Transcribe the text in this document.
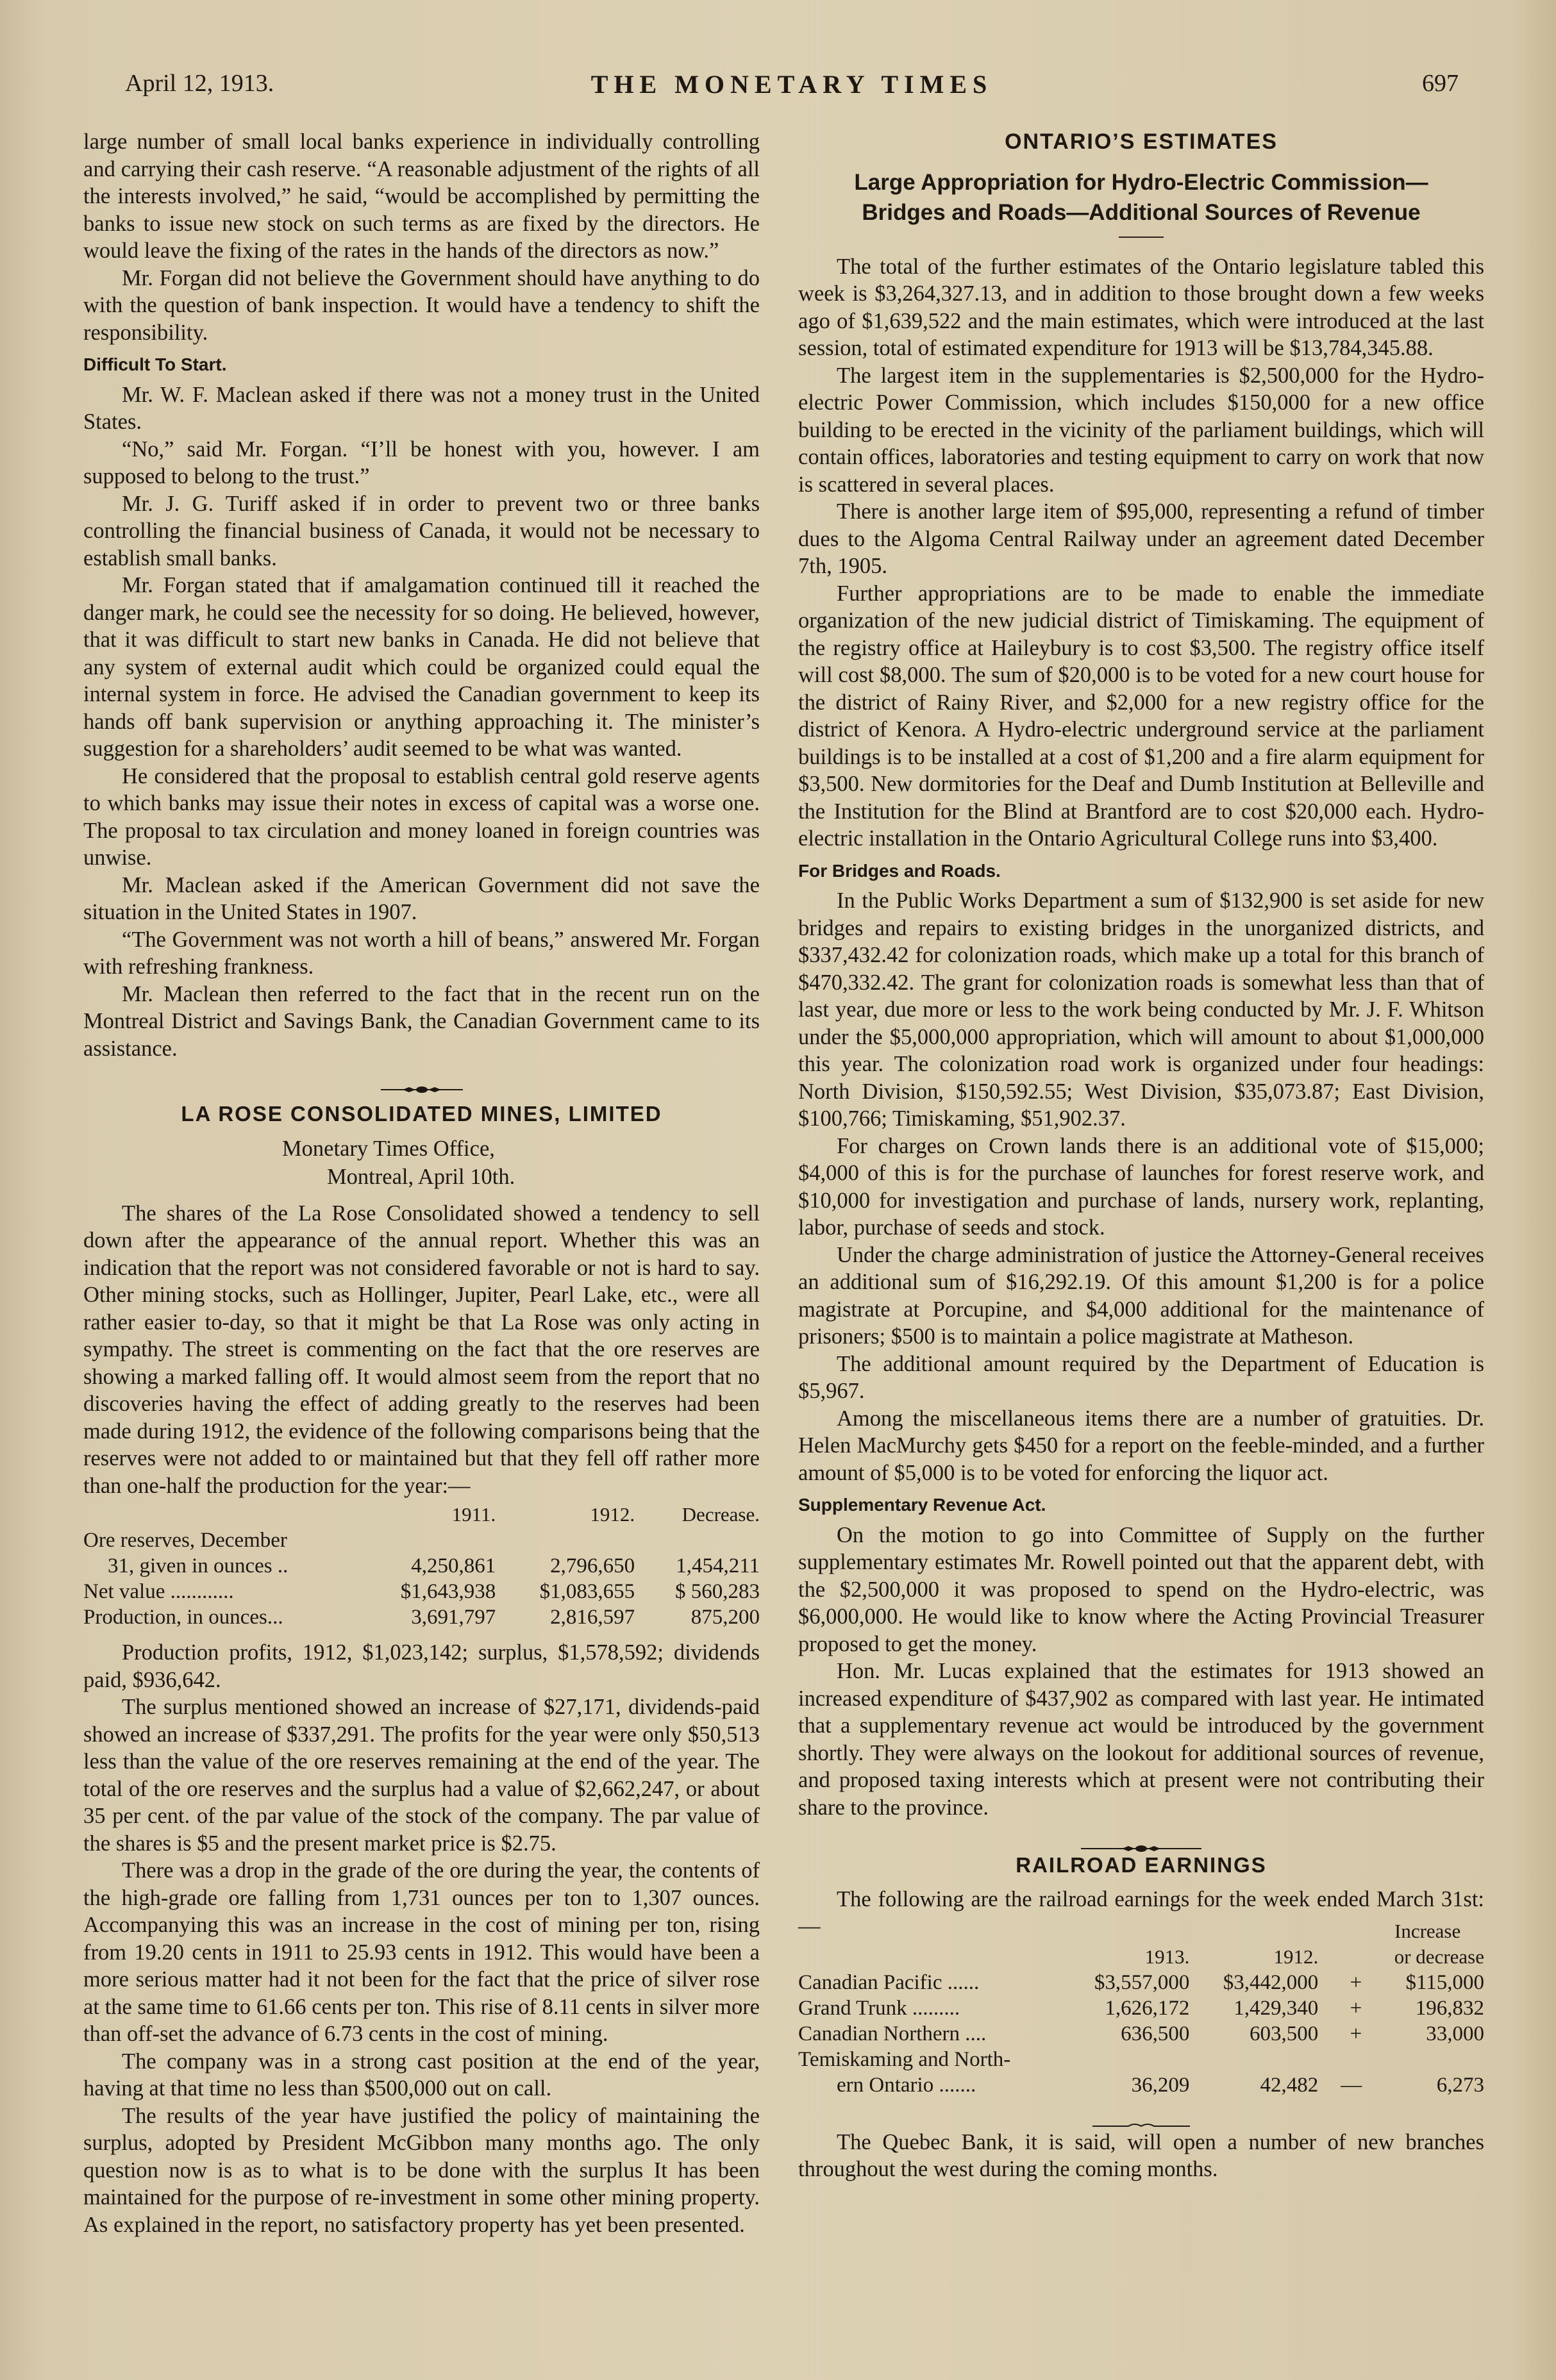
April 12, 1913.	THE MONETARY TIMES	697

large number of small local banks experience in individually controlling and carrying their cash reserve. “A reasonable adjustment of the rights of all the interests involved,” he said, “would be accomplished by permitting the banks to issue new stock on such terms as are fixed by the directors. He would leave the fixing of the rates in the hands of the directors as now.”

Mr. Forgan did not believe the Government should have anything to do with the question of bank inspection. It would have a tendency to shift the responsibility.

Difficult To Start.

Mr. W. F. Maclean asked if there was not a money trust in the United States.

“No,” said Mr. Forgan. “I’ll be honest with you, however. I am supposed to belong to the trust.”

Mr. J. G. Turiff asked if in order to prevent two or three banks controlling the financial business of Canada, it would not be necessary to establish small banks.

Mr. Forgan stated that if amalgamation continued till it reached the danger mark, he could see the necessity for so doing. He believed, however, that it was difficult to start new banks in Canada. He did not believe that any system of external audit which could be organized could equal the internal system in force. He advised the Canadian government to keep its hands off bank supervision or anything approaching it. The minister’s suggestion for a shareholders’ audit seemed to be what was wanted.

He considered that the proposal to establish central gold reserve agents to which banks may issue their notes in excess of capital was a worse one. The proposal to tax circulation and money loaned in foreign countries was unwise.

Mr. Maclean asked if the American Government did not save the situation in the United States in 1907.

“The Government was not worth a hill of beans,” answered Mr. Forgan with refreshing frankness.

Mr. Maclean then referred to the fact that in the recent run on the Montreal District and Savings Bank, the Canadian Government came to its assistance.

LA ROSE CONSOLIDATED MINES, LIMITED
Monetary Times Office,
Montreal, April 10th.

The shares of the La Rose Consolidated showed a tendency to sell down after the appearance of the annual report. Whether this was an indication that the report was not considered favorable or not is hard to say. Other mining stocks, such as Hollinger, Jupiter, Pearl Lake, etc., were all rather easier to-day, so that it might be that La Rose was only acting in sympathy. The street is commenting on the fact that the ore reserves are showing a marked falling off. It would almost seem from the report that no discoveries having the effect of adding greatly to the reserves had been made during 1912, the evidence of the following comparisons being that the reserves were not added to or maintained but that they fell off rather more than one-half the production for the year:—

	1911.	1912.	Decrease.
Ore reserves, December			
31, given in ounces ..	4,250,861	2,796,650	1,454,211
Net value ............	$1,643,938	$1,083,655	$ 560,283
Production, in ounces...	3,691,797	2,816,597	875,200

Production profits, 1912, $1,023,142; surplus, $1,578,592; dividends paid, $936,642.

The surplus mentioned showed an increase of $27,171, dividends-paid showed an increase of $337,291. The profits for the year were only $50,513 less than the value of the ore reserves remaining at the end of the year. The total of the ore reserves and the surplus had a value of $2,662,247, or about 35 per cent. of the par value of the stock of the company. The par value of the shares is $5 and the present market price is $2.75.

There was a drop in the grade of the ore during the year, the contents of the high-grade ore falling from 1,731 ounces per ton to 1,307 ounces. Accompanying this was an increase in the cost of mining per ton, rising from 19.20 cents in 1911 to 25.93 cents in 1912. This would have been a more serious matter had it not been for the fact that the price of silver rose at the same time to 61.66 cents per ton. This rise of 8.11 cents in silver more than off-set the advance of 6.73 cents in the cost of mining.

The company was in a strong cast position at the end of the year, having at that time no less than $500,000 out on call.

The results of the year have justified the policy of maintaining the surplus, adopted by President McGibbon many months ago. The only question now is as to what is to be done with the surplus It has been maintained for the purpose of re-investment in some other mining property. As explained in the report, no satisfactory property has yet been presented.

ONTARIO’S ESTIMATES
Large Appropriation for Hydro-Electric Commission—
Bridges and Roads—Additional Sources of Revenue

The total of the further estimates of the Ontario legislature tabled this week is $3,264,327.13, and in addition to those brought down a few weeks ago of $1,639,522 and the main estimates, which were introduced at the last session, total of estimated expenditure for 1913 will be $13,784,345.88.

The largest item in the supplementaries is $2,500,000 for the Hydro-electric Power Commission, which includes $150,000 for a new office building to be erected in the vicinity of the parliament buildings, which will contain offices, laboratories and testing equipment to carry on work that now is scattered in several places.

There is another large item of $95,000, representing a refund of timber dues to the Algoma Central Railway under an agreement dated December 7th, 1905.

Further appropriations are to be made to enable the immediate organization of the new judicial district of Timiskaming. The equipment of the registry office at Haileybury is to cost $3,500. The registry office itself will cost $8,000. The sum of $20,000 is to be voted for a new court house for the district of Rainy River, and $2,000 for a new registry office for the district of Kenora. A Hydro-electric underground service at the parliament buildings is to be installed at a cost of $1,200 and a fire alarm equipment for $3,500. New dormitories for the Deaf and Dumb Institution at Belleville and the Institution for the Blind at Brantford are to cost $20,000 each. Hydro-electric installation in the Ontario Agricultural College runs into $3,400.

For Bridges and Roads.

In the Public Works Department a sum of $132,900 is set aside for new bridges and repairs to existing bridges in the unorganized districts, and $337,432.42 for colonization roads, which make up a total for this branch of $470,332.42. The grant for colonization roads is somewhat less than that of last year, due more or less to the work being conducted by Mr. J. F. Whitson under the $5,000,000 appropriation, which will amount to about $1,000,000 this year. The colonization road work is organized under four headings: North Division, $150,592.55; West Division, $35,073.87; East Division, $100,766; Timiskaming, $51,902.37.

For charges on Crown lands there is an additional vote of $15,000; $4,000 of this is for the purchase of launches for forest reserve work, and $10,000 for investigation and purchase of lands, nursery work, replanting, labor, purchase of seeds and stock.

Under the charge administration of justice the Attorney-General receives an additional sum of $16,292.19. Of this amount $1,200 is for a police magistrate at Porcupine, and $4,000 additional for the maintenance of prisoners; $500 is to maintain a police magistrate at Matheson.

The additional amount required by the Department of Education is $5,967.

Among the miscellaneous items there are a number of gratuities. Dr. Helen MacMurchy gets $450 for a report on the feeble-minded, and a further amount of $5,000 is to be voted for enforcing the liquor act.

Supplementary Revenue Act.

On the motion to go into Committee of Supply on the further supplementary estimates Mr. Rowell pointed out that the apparent debt, with the $2,500,000 it was proposed to spend on the Hydro-electric, was $6,000,000. He would like to know where the Acting Provincial Treasurer proposed to get the money.

Hon. Mr. Lucas explained that the estimates for 1913 showed an increased expenditure of $437,902 as compared with last year. He intimated that a supplementary revenue act would be introduced by the government shortly. They were always on the lookout for additional sources of revenue, and proposed taxing interests which at present were not contributing their share to the province.

RAILROAD EARNINGS

The following are the railroad earnings for the week ended March 31st:—

					Increase
	1913.	1912.		or decrease
Canadian Pacific ......	$3,557,000	$3,442,000	+	$115,000
Grand Trunk .........	1,626,172	1,429,340	+	196,832
Canadian Northern ....	636,500	603,500	+	33,000
Temiskaming and North-				
ern Ontario .......	36,209	42,482	—	6,273

The Quebec Bank, it is said, will open a number of new branches throughout the west during the coming months.
